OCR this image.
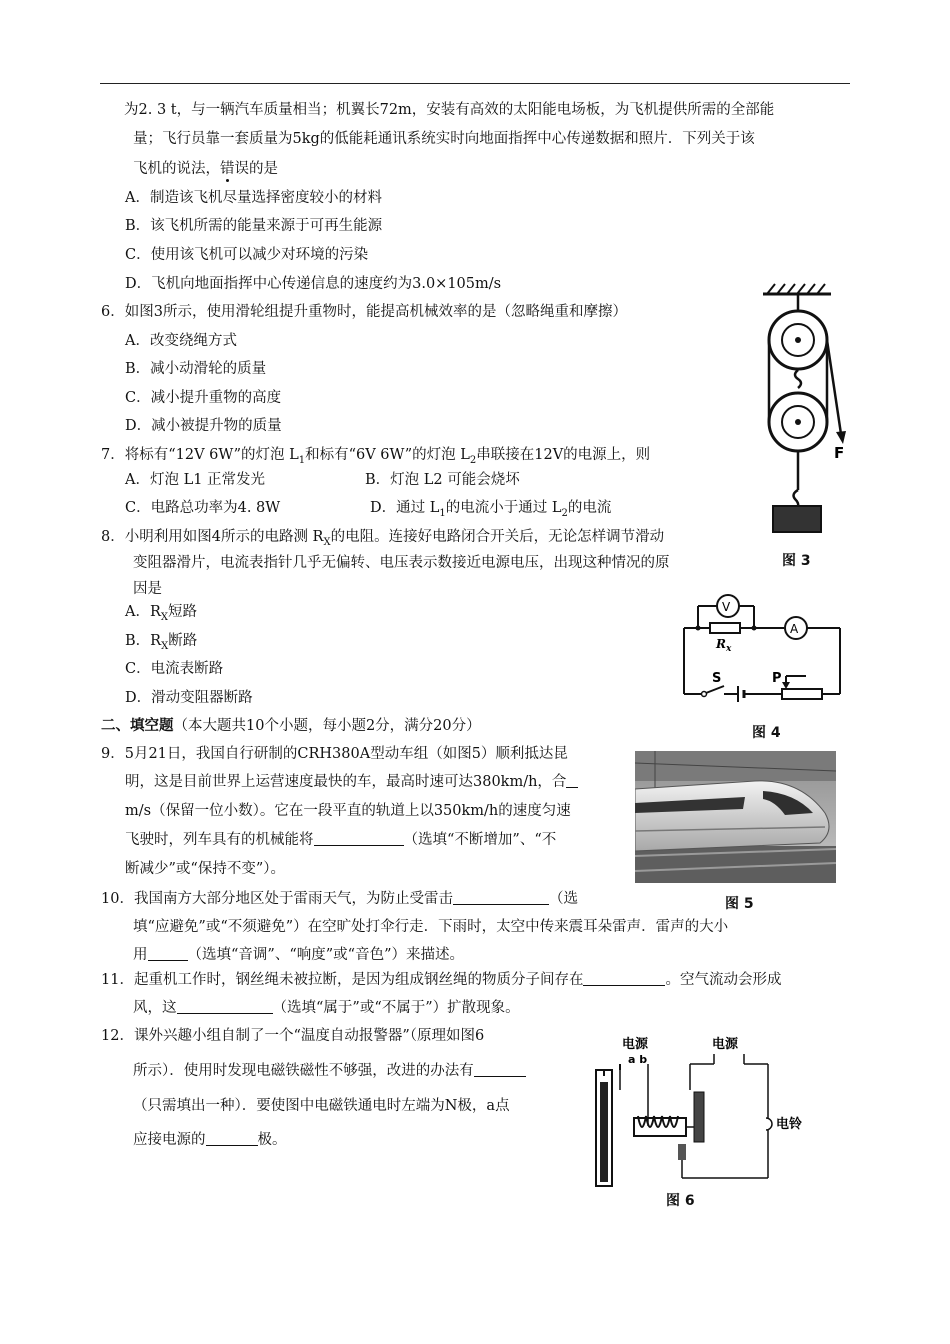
为2. 3 t，与一辆汽车质量相当；机翼长72m，安装有高效的太阳能电场板，为飞机提供所需的全部能
量；飞行员靠一套质量为5kg的低能耗通讯系统实时向地面指挥中心传递数据和照片．下列关于该
飞机的说法，错误的是
A．制造该飞机尽量选择密度较小的材料
B．该飞机所需的能量来源于可再生能源
C．使用该飞机可以减少对环境的污染
D．飞机向地面指挥中心传递信息的速度约为3.0×105m/s
6．如图3所示，使用滑轮组提升重物时，能提高机械效率的是（忽略绳重和摩擦）
A．改变绕绳方式
B．减小动滑轮的质量
C．减小提升重物的高度
D．减小被提升物的质量
7．将标有“12V 6W”的灯泡 $L_1$和标有“6V 6W”的灯泡 $L_2$串联接在12V的电源上，则
A．灯泡 L1 正常发光	B．灯泡 L2 可能会烧坏
C．电路总功率为4. 8W	D．通过 $L_1$的电流小于通过 $L_2$的电流
8．小明利用如图4所示的电路测 $R_X$的电阻。连接好电路闭合开关后，无论怎样调节滑动
变阻器滑片，电流表指针几乎无偏转、电压表示数接近电源电压，出现这种情况的原
因是
A．$R_X$短路
B．$R_X$断路
C．电流表断路
D．滑动变阻器断路
二、填空题（本大题共10个小题，每小题2分，满分20分）
9．5月21日，我国自行研制的CRH380A型动车组（如图5）顺利抵达昆
明，这是目前世界上运营速度最快的车，最高时速可达380km/h，合
m/s（保留一位小数）。它在一段平直的轨道上以350km/h的速度匀速
飞驶时，列车具有的机械能将	（选填“不断增加”、“不
断减少”或“保持不变”）。
10．我国南方大部分地区处于雷雨天气，为防止受雷击	（选
填“应避免”或“不须避免”）在空旷处打伞行走．下雨时，太空中传来震耳朵雷声．雷声的大小
用	（选填“音调”、“响度”或“音色”）来描述。
11．起重机工作时，钢丝绳未被拉断，是因为组成钢丝绳的物质分子间存在	。空气流动会形成
风，这	（选填“属于”或“不属于”）扩散现象。
12．课外兴趣小组自制了一个“温度自动报警器”（原理如图6
所示）．使用时发现电磁铁磁性不够强，改进的办法有
（只需填出一种）．要使图中电磁铁通电时左端为N极，a点
应接电源的	极。
F
图 3
V
$R_x$
A
S	P
图 4
图 5
电源
a b
电源
电铃
图 6
